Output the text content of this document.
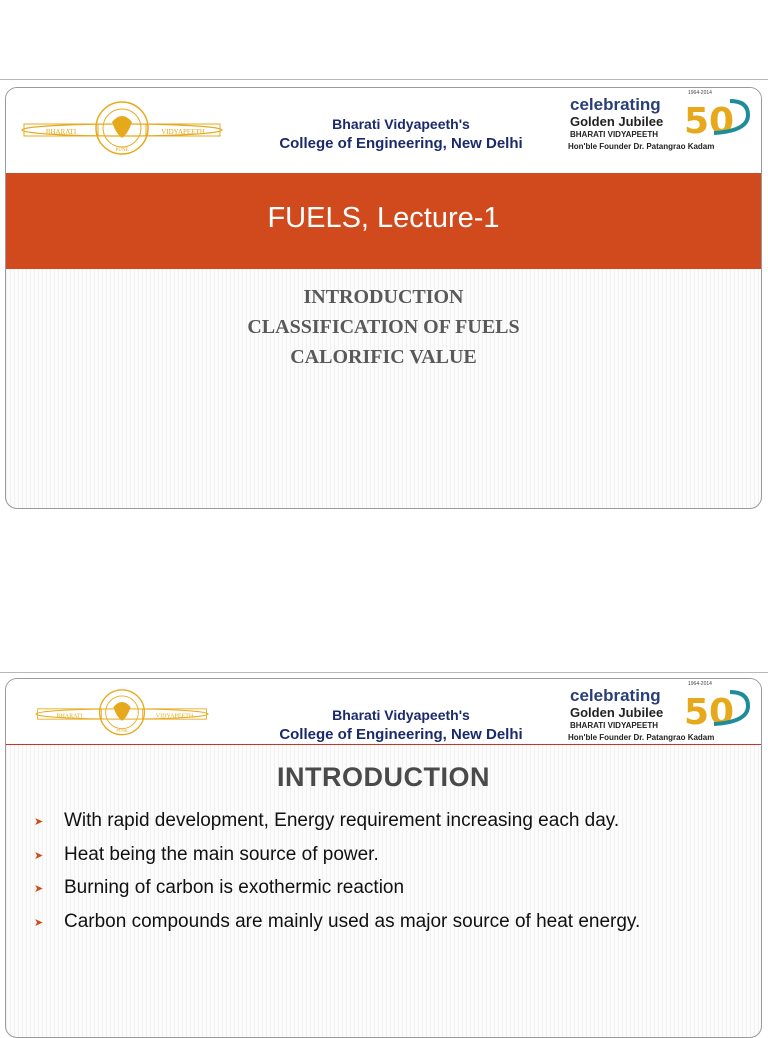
BHARATI	VIDYAPEETH
PUNE
Bharati Vidyapeeth's
College of Engineering, New Delhi
celebrating
Golden Jubilee
BHARATI VIDYAPEETH
Hon'ble Founder Dr. Patangrao Kadam
1964-2014
50
FUELS, Lecture-1
INTRODUCTION
CLASSIFICATION OF FUELS
CALORIFIC VALUE
BHARATI	VIDYAPEETH
PUNE
Bharati Vidyapeeth's
College of Engineering, New Delhi
celebrating
Golden Jubilee
BHARATI VIDYAPEETH
Hon'ble Founder Dr. Patangrao Kadam
1964-2014
50
INTRODUCTION
➤ With rapid development, Energy requirement increasing each day.
➤ Heat being the main source of power.
➤ Burning of carbon is exothermic reaction
➤ Carbon compounds are mainly used as major source of heat energy.
